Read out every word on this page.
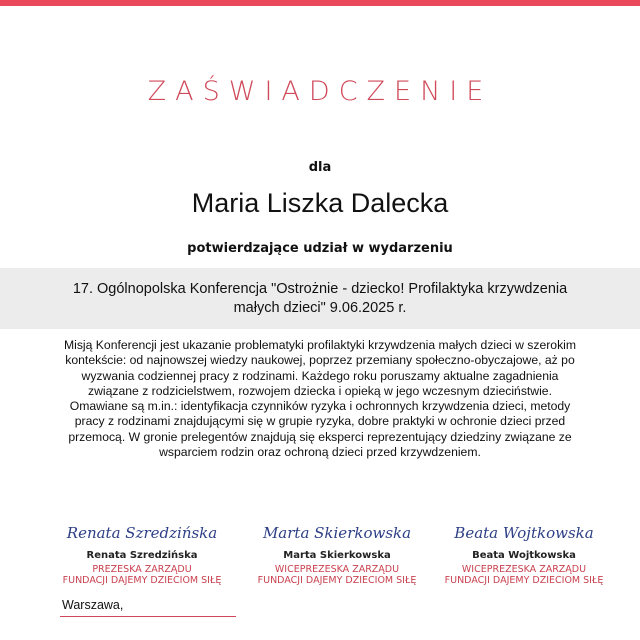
ZAŚWIADCZENIE
dla
Maria Liszka Dalecka
potwierdzające udział w wydarzeniu
17. Ogólnopolska Konferencja "Ostrożnie - dziecko! Profilaktyka krzywdzenia
małych dzieci" 9.06.2025 r.
Misją Konferencji jest ukazanie problematyki profilaktyki krzywdzenia małych dzieci w szerokim
kontekście: od najnowszej wiedzy naukowej, poprzez przemiany społeczno-obyczajowe, aż po
wyzwania codziennej pracy z rodzinami. Każdego roku poruszamy aktualne zagadnienia
związane z rodzicielstwem, rozwojem dziecka i opieką w jego wczesnym dzieciństwie.
Omawiane są m.in.: identyfikacja czynników ryzyka i ochronnych krzywdzenia dzieci, metody
pracy z rodzinami znajdującymi się w grupie ryzyka, dobre praktyki w ochronie dzieci przed
przemocą. W gronie prelegentów znajdują się eksperci reprezentujący dziedziny związane ze
wsparciem rodzin oraz ochroną dzieci przed krzywdzeniem.
Renata Szredzińska
Renata Szredzińska
PREZESKA ZARZĄDU
FUNDACJI DAJEMY DZIECIOM SIŁĘ
Marta Skierkowska
Marta Skierkowska
WICEPREZESKA ZARZĄDU
FUNDACJI DAJEMY DZIECIOM SIŁĘ
Beata Wojtkowska
Beata Wojtkowska
WICEPREZESKA ZARZĄDU
FUNDACJI DAJEMY DZIECIOM SIŁĘ
Warszawa,
